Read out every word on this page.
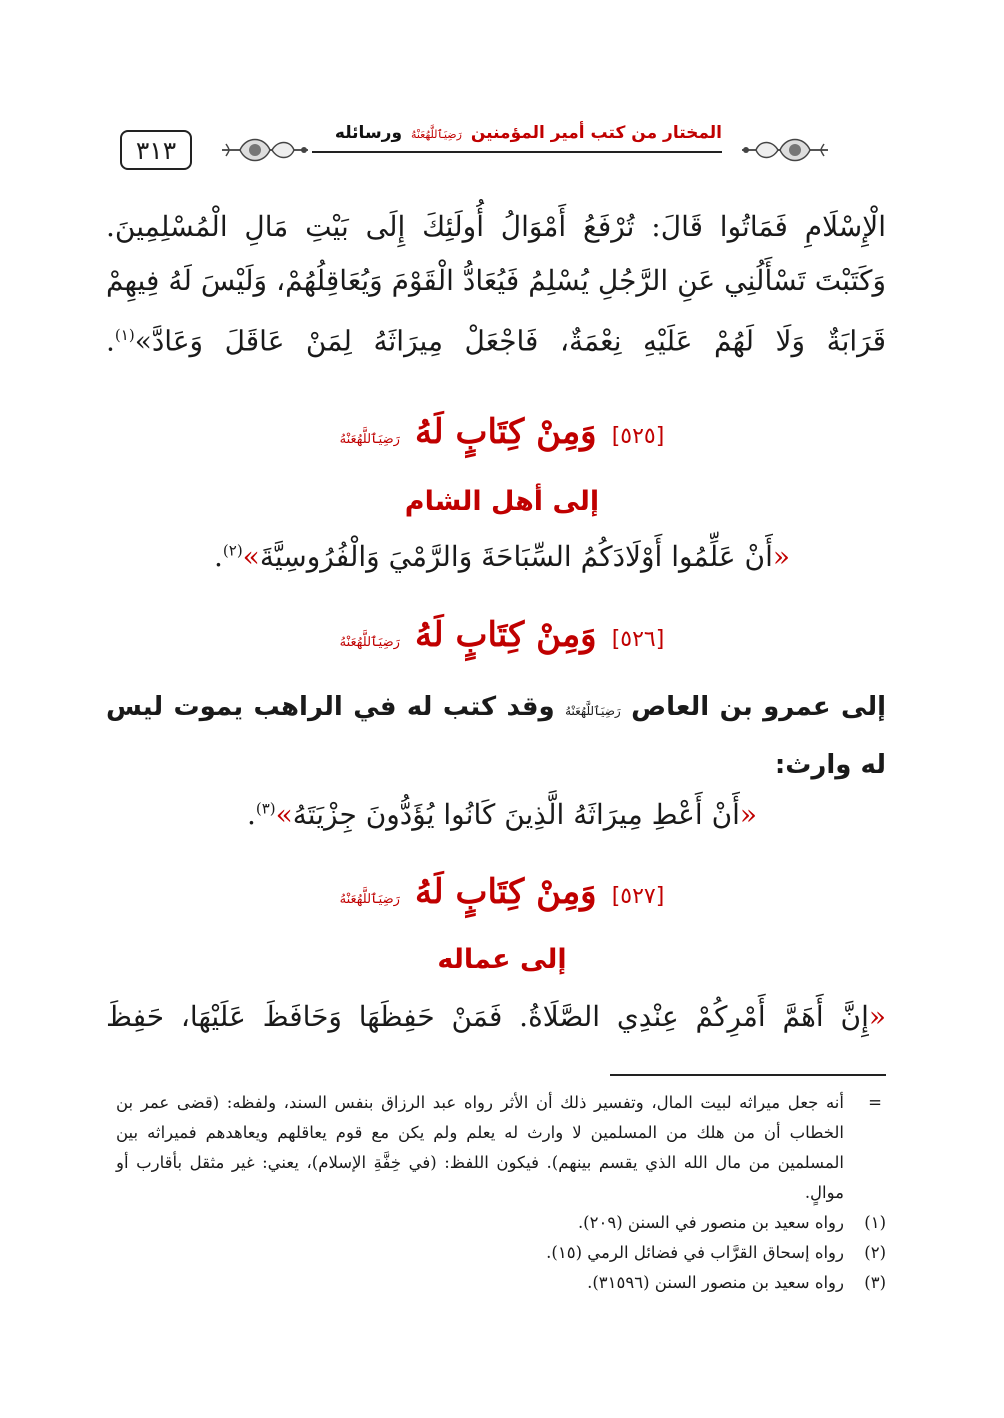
٣١٣
المختار من كتب أمير المؤمنين رَضِيَٱللَّهُعَنْهُ ورسائله
الْإِسْلَامِ فَمَاتُوا قَالَ: تُرْفَعُ أَمْوَالُ أُولَئِكَ إِلَى بَيْتِ مَالِ الْمُسْلِمِينَ.
وَكَتَبْتَ تَسْأَلُنِي عَنِ الرَّجُلِ يُسْلِمُ فَيُعَادُّ الْقَوْمَ وَيُعَاقِلُهُمْ، وَلَيْسَ لَهُ فِيهِمْ
قَرَابَةٌ وَلَا لَهُمْ عَلَيْهِ نِعْمَةٌ، فَاجْعَلْ مِيرَاثَهُ لِمَنْ عَاقَلَ وَعَادَّ»$^{(١)}$.
[٥٢٥] وَمِنْ كِتَابٍ لَهُ رَضِيَٱللَّهُعَنْهُ
إلى أهل الشام
«أَنْ عَلِّمُوا أَوْلَادَكُمُ السِّبَاحَةَ وَالرَّمْيَ وَالْفُرُوسِيَّةَ»$^{(٢)}$.
[٥٢٦] وَمِنْ كِتَابٍ لَهُ رَضِيَٱللَّهُعَنْهُ
إلى عمرو بن العاص رَضِيَٱللَّهُعَنْهُ وقد كتب له في الراهب يموت ليس له وارث:
«أَنْ أَعْطِ مِيرَاثَهُ الَّذِينَ كَانُوا يُؤَدُّونَ جِزْيَتَهُ»$^{(٣)}$.
[٥٢٧] وَمِنْ كِتَابٍ لَهُ رَضِيَٱللَّهُعَنْهُ
إلى عماله
«إِنَّ أَهَمَّ أَمْرِكُمْ عِنْدِي الصَّلَاةُ. فَمَنْ حَفِظَهَا وَحَافَظَ عَلَيْهَا، حَفِظَ
=
أنه جعل ميراثه لبيت المال، وتفسير ذلك أن الأثر رواه عبد الرزاق بنفس السند، ولفظه: (قضى عمر بن الخطاب أن من هلك من المسلمين لا وارث له يعلم ولم يكن مع قوم يعاقلهم ويعاهدهم فميراثه بين المسلمين من مال الله الذي يقسم بينهم). فيكون اللفظ: (في خِفَّةِ الإسلام)، يعني: غير مثقل بأقارب أو موالٍ.
(١)
رواه سعيد بن منصور في السنن (٢٠٩).
(٢)
رواه إسحاق القرَّاب في فضائل الرمي (١٥).
(٣)
رواه سعيد بن منصور السنن (٣١٥٩٦).
